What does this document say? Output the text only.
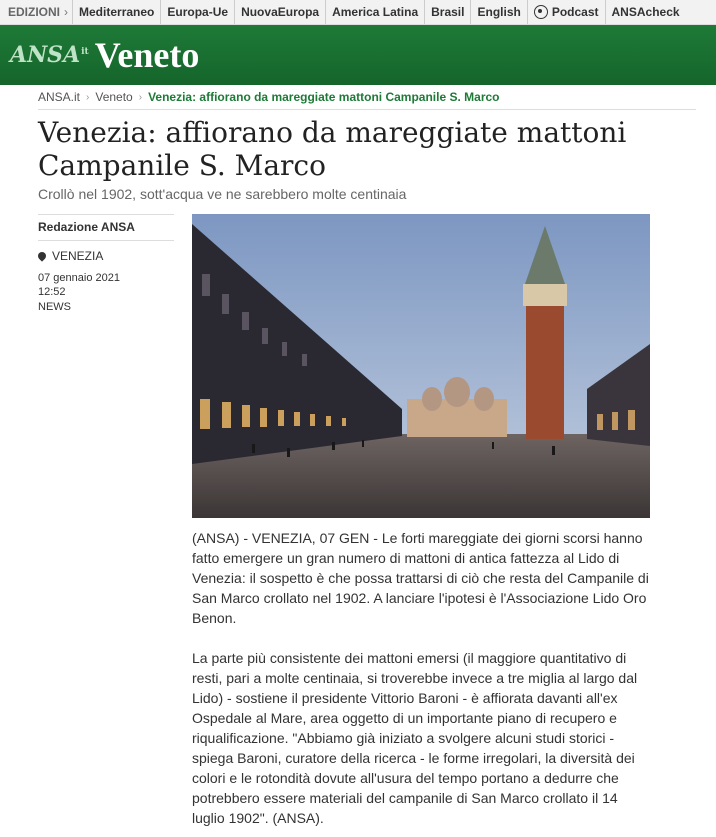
EDIZIONI › Mediterraneo	Europa-Ue	NuovaEuropa	America Latina	Brasil	English	Podcast	ANSAcheck
$ANSA^{it}$ Veneto
ANSA.it › Veneto › Venezia: affiorano da mareggiate mattoni Campanile S. Marco
Venezia: affiorano da mareggiate mattoni Campanile S. Marco
Crollò nel 1902, sott'acqua ve ne sarebbero molte centinaia
Redazione ANSA
VENEZIA
07 gennaio 2021
12:52
NEWS

(ANSA) - VENEZIA, 07 GEN - Le forti mareggiate dei giorni scorsi hanno fatto emergere un gran numero di mattoni di antica fattezza al Lido di Venezia: il sospetto è che possa trattarsi di ciò che resta del Campanile di San Marco crollato nel 1902. A lanciare l'ipotesi è l'Associazione Lido Oro Benon.

La parte più consistente dei mattoni emersi (il maggiore quantitativo di resti, pari a molte centinaia, si troverebbe invece a tre miglia al largo dal Lido) - sostiene il presidente Vittorio Baroni - è affiorata davanti all'ex Ospedale al Mare, area oggetto di un importante piano di recupero e riqualificazione. "Abbiamo già iniziato a svolgere alcuni studi storici - spiega Baroni, curatore della ricerca - le forme irregolari, la diversità dei colori e le rotondità dovute all'usura del tempo portano a dedurre che potrebbero essere materiali del campanile di San Marco crollato il 14 luglio 1902". (ANSA).
